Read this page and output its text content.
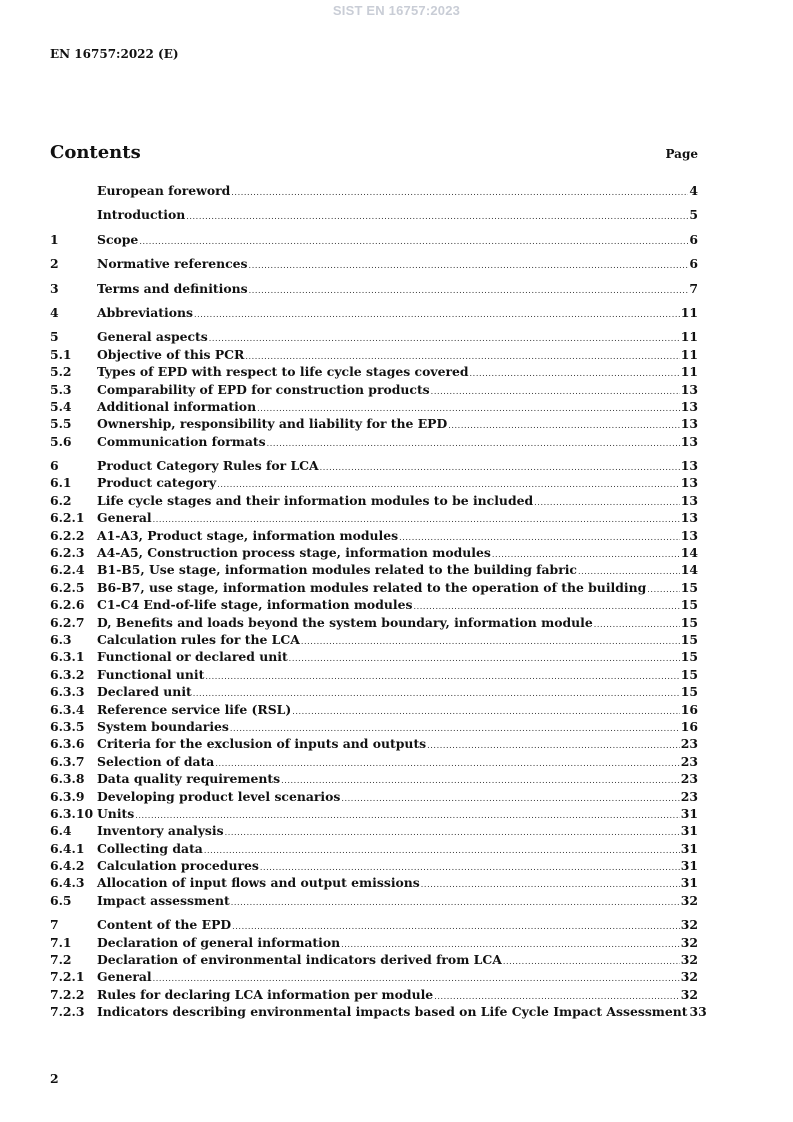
SIST EN 16757:2023
EN 16757:2022 (E)
Contents	Page
European foreword .....	4
Introduction .....	5
1	Scope .....	6
2	Normative references .....	6
3	Terms and definitions .....	7
4	Abbreviations .....	11
5	General aspects .....	11
5.1	Objective of this PCR .....	11
5.2	Types of EPD with respect to life cycle stages covered .....	11
5.3	Comparability of EPD for construction products .....	13
5.4	Additional information .....	13
5.5	Ownership, responsibility and liability for the EPD .....	13
5.6	Communication formats .....	13
6	Product Category Rules for LCA .....	13
6.1	Product category .....	13
6.2	Life cycle stages and their information modules to be included .....	13
6.2.1	General .....	13
6.2.2	A1-A3, Product stage, information modules .....	13
6.2.3	A4-A5, Construction process stage, information modules .....	14
6.2.4	B1-B5, Use stage, information modules related to the building fabric .....	14
6.2.5	B6-B7, use stage, information modules related to the operation of the building .....	15
6.2.6	C1-C4 End-of-life stage, information modules .....	15
6.2.7	D, Benefits and loads beyond the system boundary, information module .....	15
6.3	Calculation rules for the LCA .....	15
6.3.1	Functional or declared unit .....	15
6.3.2	Functional unit .....	15
6.3.3	Declared unit .....	15
6.3.4	Reference service life (RSL) .....	16
6.3.5	System boundaries .....	16
6.3.6	Criteria for the exclusion of inputs and outputs .....	23
6.3.7	Selection of data .....	23
6.3.8	Data quality requirements .....	23
6.3.9	Developing product level scenarios .....	23
6.3.10 Units .....	31
6.4	Inventory analysis .....	31
6.4.1	Collecting data .....	31
6.4.2	Calculation procedures .....	31
6.4.3	Allocation of input flows and output emissions .....	31
6.5	Impact assessment .....	32
7	Content of the EPD .....	32
7.1	Declaration of general information .....	32
7.2	Declaration of environmental indicators derived from LCA .....	32
7.2.1	General .....	32
7.2.2	Rules for declaring LCA information per module .....	32
7.2.3	Indicators describing environmental impacts based on Life Cycle Impact Assessment 33
2
